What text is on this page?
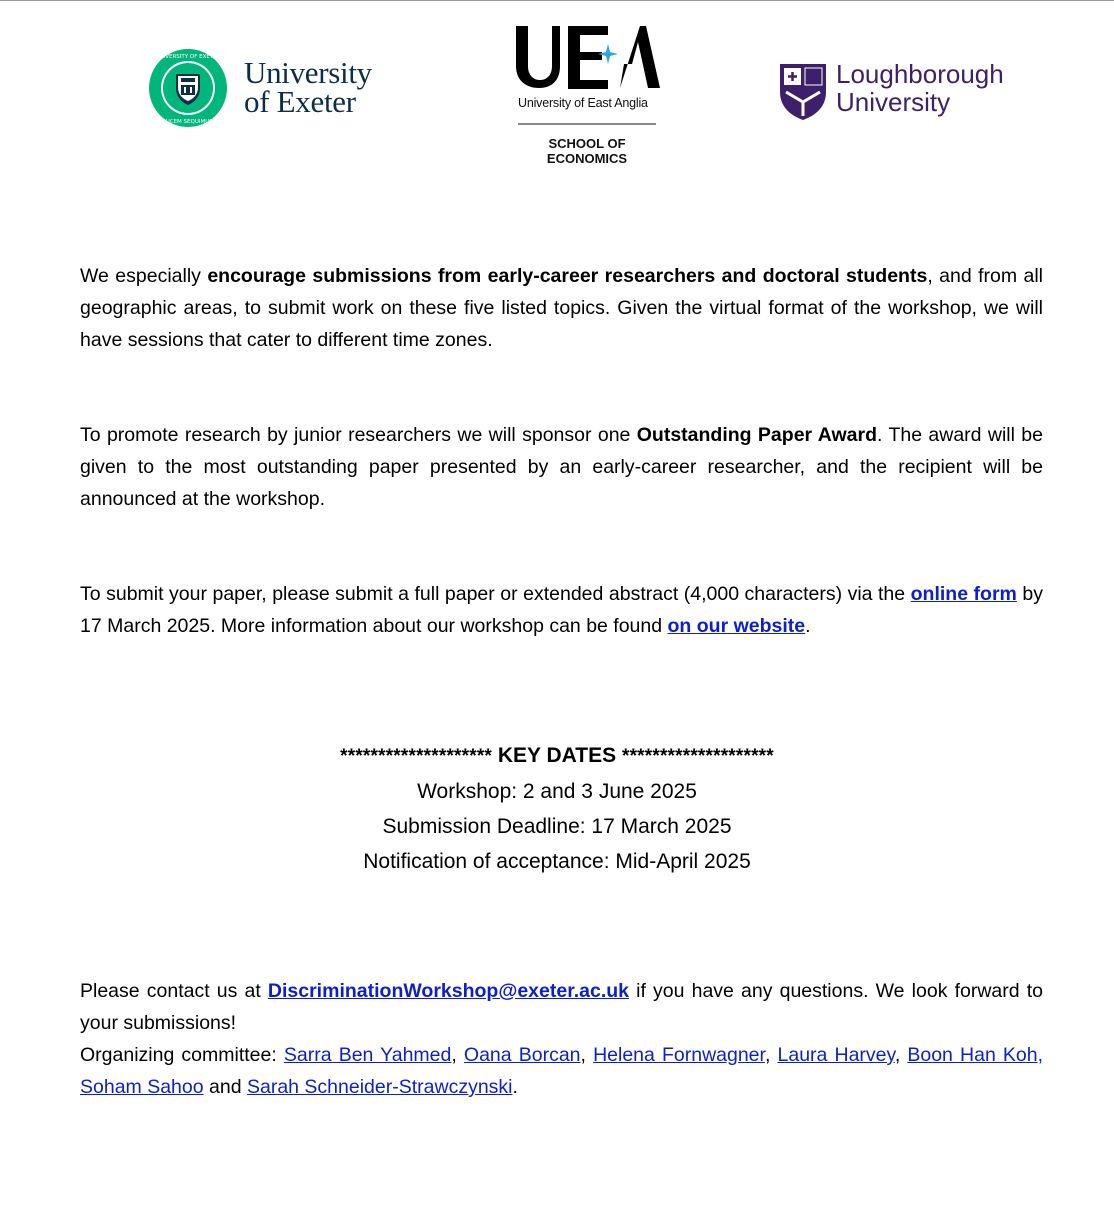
UNIVERSITY OF EXETER
LUCEM SEQUIMUR
University
of Exeter	University of East Anglia
SCHOOL OF
ECONOMICS
Loughborough
University
We especially encourage submissions from early-career researchers and doctoral students, and from all geographic areas, to submit work on these five listed topics. Given the virtual format of the workshop, we will have sessions that cater to different time zones.
To promote research by junior researchers we will sponsor one Outstanding Paper Award. The award will be given to the most outstanding paper presented by an early-career researcher, and the recipient will be announced at the workshop.
To submit your paper, please submit a full paper or extended abstract (4,000 characters) via the online form by 17 March 2025. More information about our workshop can be found on our website.
******************** KEY DATES ********************
Workshop: 2 and 3 June 2025
Submission Deadline: 17 March 2025
Notification of acceptance: Mid-April 2025
Please contact us at DiscriminationWorkshop@exeter.ac.uk if you have any questions. We look forward to your submissions!
Organizing committee: Sarra Ben Yahmed, Oana Borcan, Helena Fornwagner, Laura Harvey, Boon Han Koh, Soham Sahoo and Sarah Schneider-Strawczynski.
